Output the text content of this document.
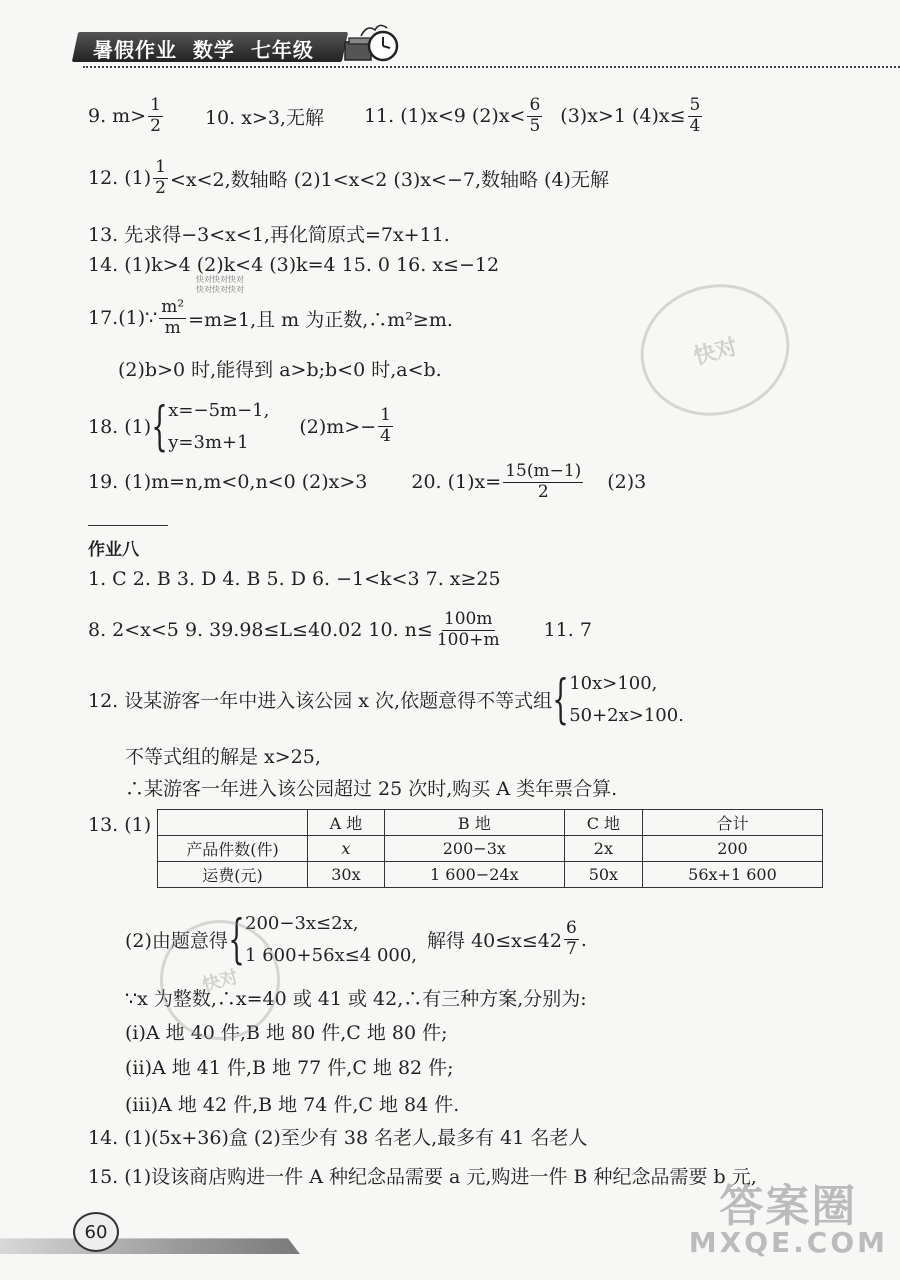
暑假作业  数学  七年级
9. $m> \frac{1}{2} 10$. x>3,无解 11. (1)x<9 $(2)x< \frac{6}{5} (3)x>1$ $(4)x\le \frac{5}{4}$
12. $(1) \frac{1}{2} <x<2$,数轴略 (2)1<x<2 (3)x<−7,数轴略 (4)无解
13. 先求得−3<x<1,再化简原式=7x+11.
14. (1)k>4 (2)k<4 (3)k=4 15. 0 16. x≤−12
快对快对快对
快对快对快对
17.(1)∵ $\frac{\text{m²}}{m} =m\ge 1$,且 m 为正数,∴m²≥m.
(2)b>0 时,能得到 a>b;b<0 时,a<b.
18. (1) { x=−5m−1,
y=3m+1
$(2)m>- \frac{1}{4}$
19. (1)m=n,m<0,n<0 (2)x>3 20. $(1)x= \frac{15(m-1)}{2} (2)3$
作业八
1. C 2. B 3. D 4. B 5. D 6. −1<k<3 7. x≥25
8. 2<x<5 9. 39.98≤L≤40.02 10. $n\le \frac{100m}{100+m} 11$. 7
12. 设某游客一年中进入该公园 x 次,依题意得不等式组 { 10x>100,
50+2x>100.
不等式组的解是 x>25,
∴某游客一年进入该公园超过 25 次时,购买 A 类年票合算.
13. (1)
		A 地	B 地	C 地	合计
产品件数(件)	x	200−3x	2x	200
运费(元)	30x	1 600−24x	50x	56x+1 600
(2)由题意得 { 200−3x≤2x,
1 600+56x≤4 000,
解得 $40\le x\le 42 \frac{6}{7}$ .
∵x 为整数,∴x=40 或 41 或 42,∴有三种方案,分别为:
(ⅰ)A 地 40 件,B 地 80 件,C 地 80 件;
(ⅱ)A 地 41 件,B 地 77 件,C 地 82 件;
(ⅲ)A 地 42 件,B 地 74 件,C 地 84 件.
14. (1)(5x+36)盒 (2)至少有 38 名老人,最多有 41 名老人
15. (1)设该商店购进一件 A 种纪念品需要 a 元,购进一件 B 种纪念品需要 b 元,
快对
快对
60	答案圈
MXQE.COM
